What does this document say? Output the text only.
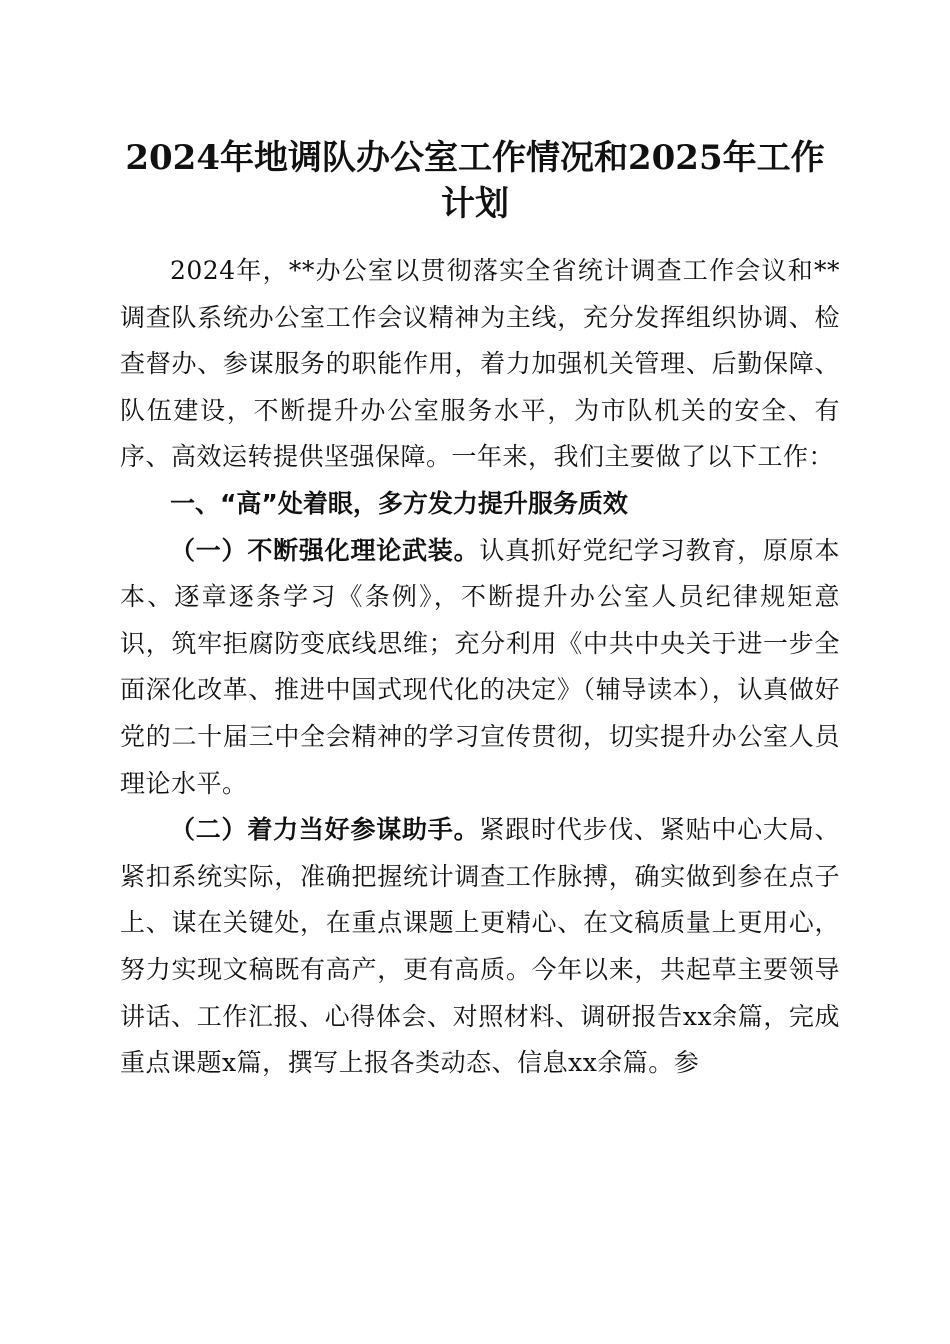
2024年地调队办公室工作情况和2025年工作
计划

2024年，**办公室以贯彻落实全省统计调查工作会议和**调查队系统办公室工作会议精神为主线，充分发挥组织协调、检查督办、参谋服务的职能作用，着力加强机关管理、后勤保障、队伍建设，不断提升办公室服务水平，为市队机关的安全、有序、高效运转提供坚强保障。一年来，我们主要做了以下工作：

一、“高”处着眼，多方发力提升服务质效

（一）不断强化理论武装。认真抓好党纪学习教育，原原本本、逐章逐条学习《条例》，不断提升办公室人员纪律规矩意识，筑牢拒腐防变底线思维；充分利用《中共中央关于进一步全面深化改革、推进中国式现代化的决定》（辅导读本），认真做好党的二十届三中全会精神的学习宣传贯彻，切实提升办公室人员理论水平。

（二）着力当好参谋助手。紧跟时代步伐、紧贴中心大局、紧扣系统实际，准确把握统计调查工作脉搏，确实做到参在点子上、谋在关键处，在重点课题上更精心、在文稿质量上更用心，努力实现文稿既有高产，更有高质。今年以来，共起草主要领导讲话、工作汇报、心得体会、对照材料、调研报告xx余篇，完成重点课题x篇，撰写上报各类动态、信息xx余篇。参
